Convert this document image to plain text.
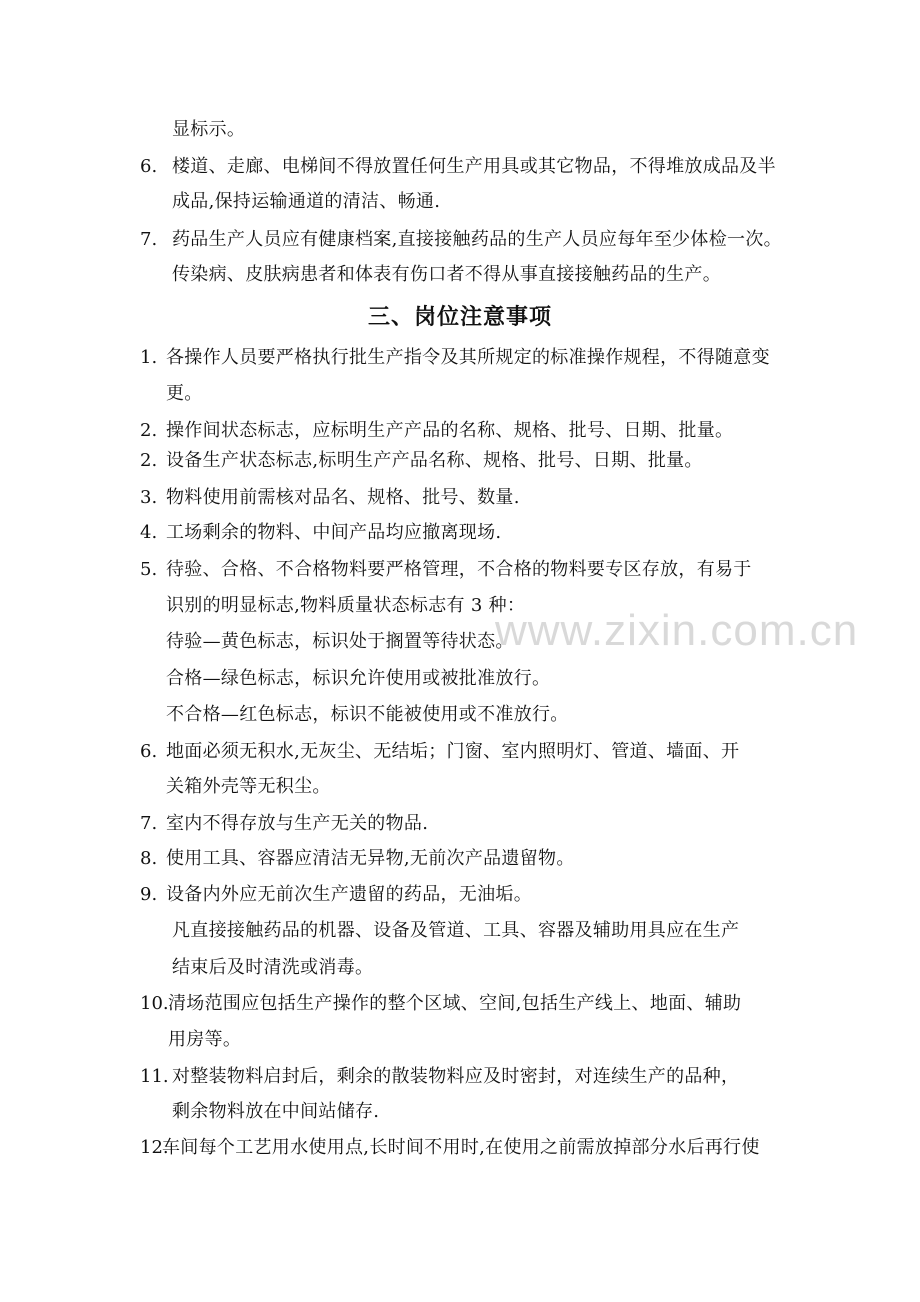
www.zixin.com.cn
显标示。
6. 楼道、走廊、电梯间不得放置任何生产用具或其它物品，不得堆放成品及半
成品,保持运输通道的清洁、畅通.
7. 药品生产人员应有健康档案,直接接触药品的生产人员应每年至少体检一次。
传染病、皮肤病患者和体表有伤口者不得从事直接接触药品的生产。
三、岗位注意事项
1. 各操作人员要严格执行批生产指令及其所规定的标准操作规程，不得随意变
更。
2. 操作间状态标志，应标明生产产品的名称、规格、批号、日期、批量。
2. 设备生产状态标志,标明生产产品名称、规格、批号、日期、批量。
3. 物料使用前需核对品名、规格、批号、数量.
4. 工场剩余的物料、中间产品均应撤离现场.
5. 待验、合格、不合格物料要严格管理，不合格的物料要专区存放，有易于
识别的明显标志,物料质量状态标志有 3 种：
待验—黄色标志，标识处于搁置等待状态。
合格—绿色标志，标识允许使用或被批准放行。
不合格—红色标志，标识不能被使用或不准放行。
6. 地面必须无积水,无灰尘、无结垢；门窗、室内照明灯、管道、墙面、开
关箱外壳等无积尘。
7. 室内不得存放与生产无关的物品.
8. 使用工具、容器应清洁无异物,无前次产品遗留物。
9. 设备内外应无前次生产遗留的药品，无油垢。
凡直接接触药品的机器、设备及管道、工具、容器及辅助用具应在生产
结束后及时清洗或消毒。
10. 清场范围应包括生产操作的整个区域、空间,包括生产线上、地面、辅助
用房等。
11. 对整装物料启封后，剩余的散装物料应及时密封，对连续生产的品种，
剩余物料放在中间站储存.
12.
车间每个工艺用水使用点,长时间不用时,在使用之前需放掉部分水后再行使
